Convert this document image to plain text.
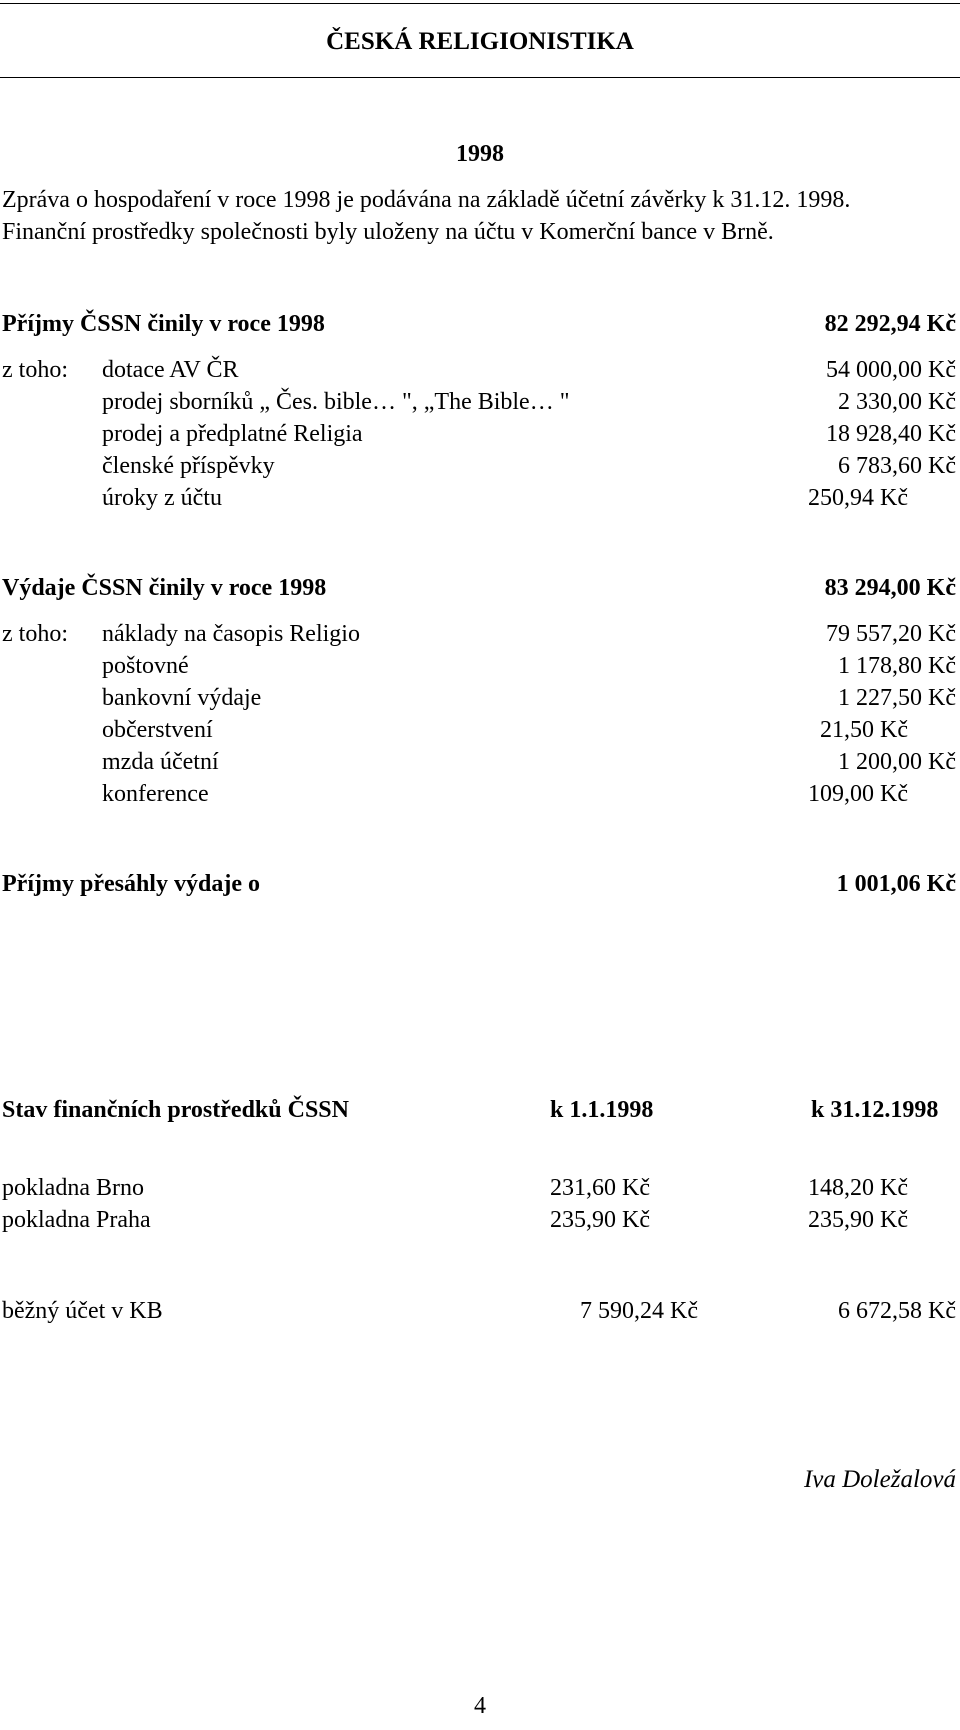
ČESKÁ RELIGIONISTIKA
1998
Zpráva o hospodaření v roce 1998 je podávána na základě účetní závěrky k 31.12. 1998.
Finanční prostředky společnosti byly uloženy na účtu v Komerční bance v Brně.
Příjmy ČSSN činily v roce 1998	82 292,94 Kč
z toho: dotace AV ČR	54 000,00 Kč
prodej sborníků „ Čes. bible… ", „The Bible… "	2 330,00 Kč
prodej a předplatné Religia	18 928,40 Kč
členské příspěvky	6 783,60 Kč
úroky z účtu	250,94 Kč
Výdaje ČSSN činily v roce 1998	83 294,00 Kč
z toho: náklady na časopis Religio	79 557,20 Kč
poštovné	1 178,80 Kč
bankovní výdaje	1 227,50 Kč
občerstvení	21,50 Kč
mzda účetní	1 200,00 Kč
konference	109,00 Kč
Příjmy přesáhly výdaje o	1 001,06 Kč
Stav finančních prostředků ČSSN	k 1.1.1998	k 31.12.1998
pokladna Brno	231,60 Kč	148,20 Kč
pokladna Praha	235,90 Kč	235,90 Kč
běžný účet v KB	7 590,24 Kč	6 672,58 Kč
Iva Doležalová
4
